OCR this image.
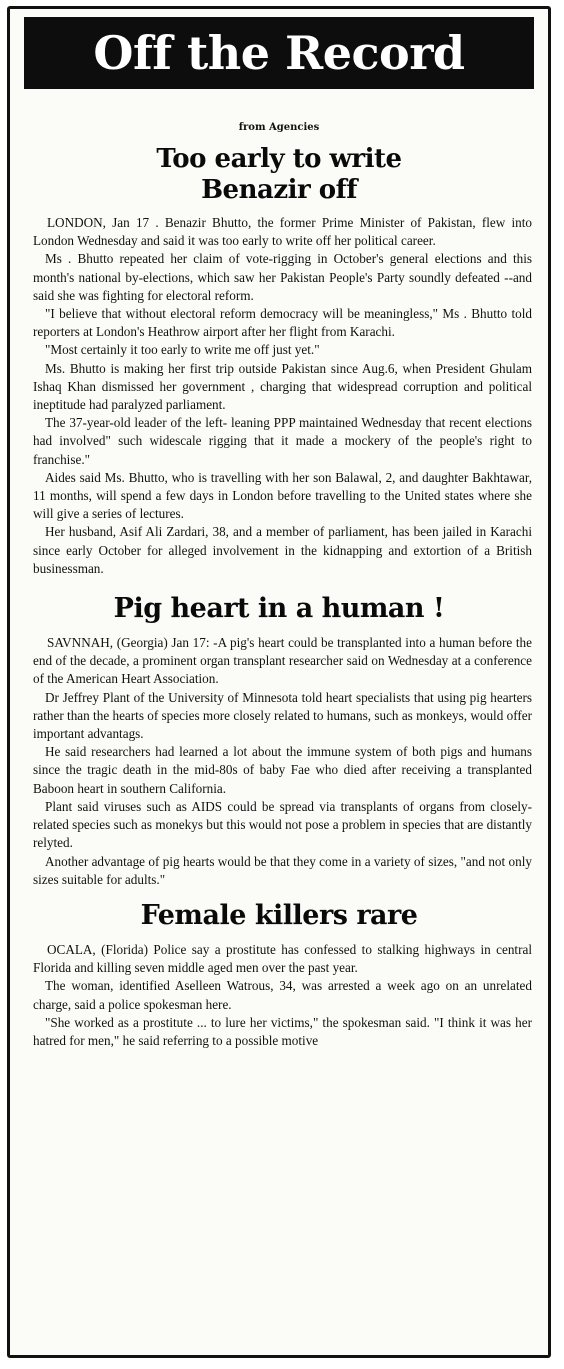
Off the Record
from Agencies
Too early to write
Benazir off

LONDON, Jan 17 . Benazir Bhutto, the former Prime Minister of Pakistan, flew into London Wednesday and said it was too early to write off her political career.

Ms . Bhutto repeated her claim of vote-rigging in October's general elections and this month's national by-elections, which saw her Pakistan People's Party soundly defeated --and said she was fighting for electoral reform.

"I believe that without electoral reform democracy will be meaningless," Ms . Bhutto told reporters at London's Heathrow airport after her flight from Karachi.

"Most certainly it too early to write me off just yet."

Ms. Bhutto is making her first trip outside Pakistan since Aug.6, when President Ghulam Ishaq Khan dismissed her government , charging that widespread corruption and political ineptitude had paralyzed parliament.

The 37-year-old leader of the left- leaning PPP maintained Wednesday that recent elections had involved" such widescale rigging that it made a mockery of the people's right to franchise."

Aides said Ms. Bhutto, who is travelling with her son Balawal, 2, and daughter Bakhtawar, 11 months, will spend a few days in London before travelling to the United states where she will give a series of lectures.

Her husband, Asif Ali Zardari, 38, and a member of parliament, has been jailed in Karachi since early October for alleged involvement in the kidnapping and extortion of a British businessman.

Pig heart in a human !

SAVNNAH, (Georgia) Jan 17: -A pig's heart could be transplanted into a human before the end of the decade, a prominent organ transplant researcher said on Wednesday at a conference of the American Heart Association.

Dr Jeffrey Plant of the University of Minnesota told heart specialists that using pig hearters rather than the hearts of species more closely related to humans, such as monkeys, would offer important advantags.

He said researchers had learned a lot about the immune system of both pigs and humans since the tragic death in the mid-80s of baby Fae who died after receiving a transplanted Baboon heart in southern California.

Plant said viruses such as AIDS could be spread via transplants of organs from closely-related species such as monekys but this would not pose a problem in species that are distantly relyted.

Another advantage of pig hearts would be that they come in a variety of sizes, "and not only sizes suitable for adults."

Female killers rare

OCALA, (Florida) Police say a prostitute has confessed to stalking highways in central Florida and killing seven middle aged men over the past year.

The woman, identified Aselleen Watrous, 34, was arrested a week ago on an unrelated charge, said a police spokesman here.

"She worked as a prostitute ... to lure her victims," the spokesman said. "I think it was her hatred for men," he said referring to a possible motive
